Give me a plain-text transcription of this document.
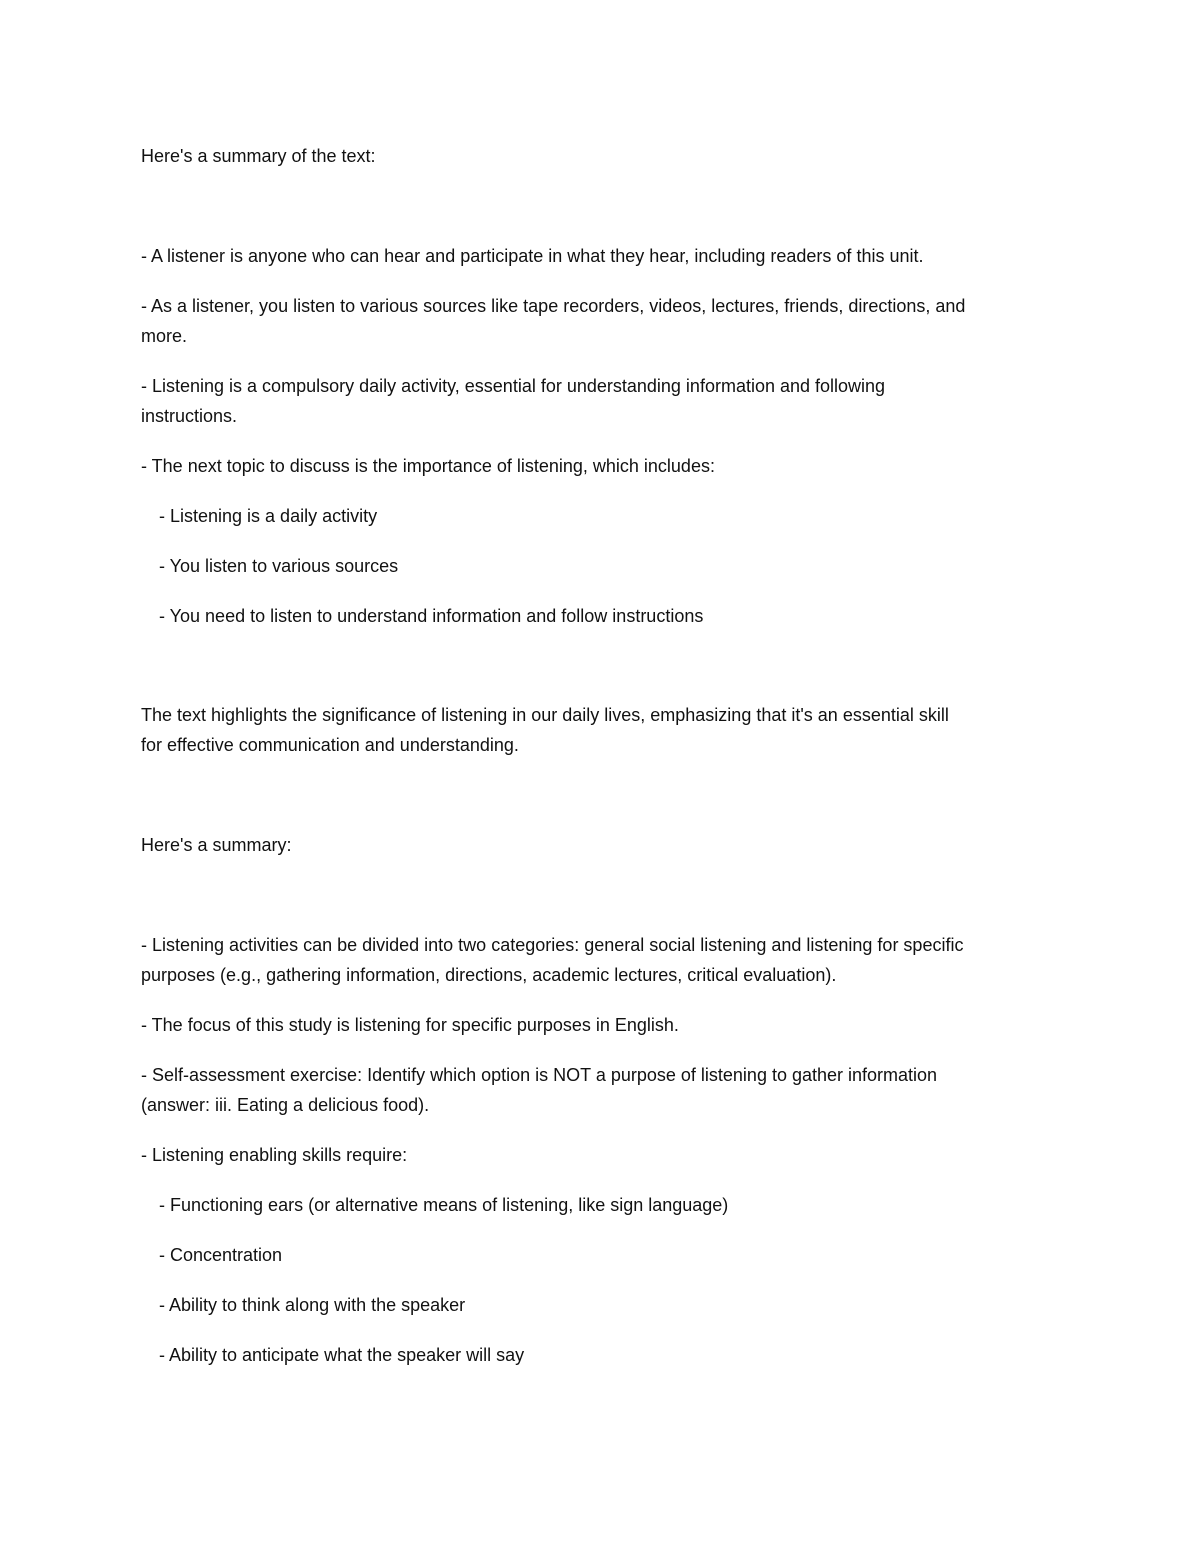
Here's a summary of the text:
- A listener is anyone who can hear and participate in what they hear, including readers of this unit.
- As a listener, you listen to various sources like tape recorders, videos, lectures, friends, directions, and
more.
- Listening is a compulsory daily activity, essential for understanding information and following
instructions.
- The next topic to discuss is the importance of listening, which includes:
- Listening is a daily activity
- You listen to various sources
- You need to listen to understand information and follow instructions
The text highlights the significance of listening in our daily lives, emphasizing that it's an essential skill
for effective communication and understanding.
Here's a summary:
- Listening activities can be divided into two categories: general social listening and listening for specific
purposes (e.g., gathering information, directions, academic lectures, critical evaluation).
- The focus of this study is listening for specific purposes in English.
- Self-assessment exercise: Identify which option is NOT a purpose of listening to gather information
(answer: iii. Eating a delicious food).
- Listening enabling skills require:
- Functioning ears (or alternative means of listening, like sign language)
- Concentration
- Ability to think along with the speaker
- Ability to anticipate what the speaker will say
